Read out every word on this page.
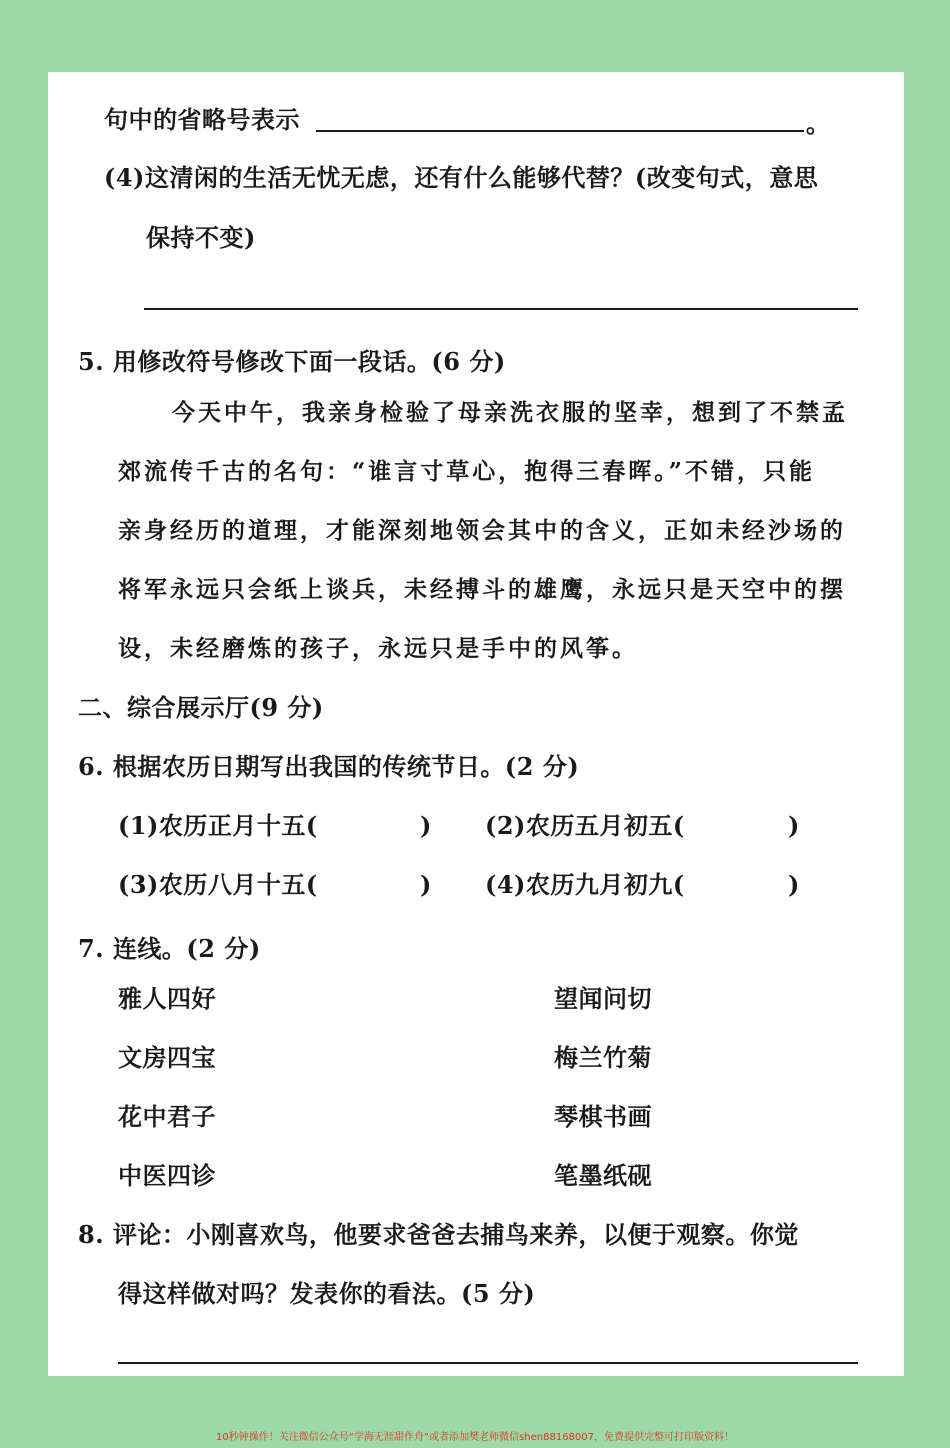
句中的省略号表示	。
(4)这清闲的生活无忧无虑，还有什么能够代替？(改变句式，意思
保持不变)
5. 用修改符号修改下面一段话。(6 分)
今天中午，我亲身检验了母亲洗衣服的坚幸，想到了不禁孟
郊流传千古的名句：“谁言寸草心，抱得三春晖。”不错，只能
亲身经历的道理，才能深刻地领会其中的含义，正如未经沙场的
将军永远只会纸上谈兵，未经搏斗的雄鹰，永远只是天空中的摆
设，未经磨炼的孩子，永远只是手中的风筝。
二、综合展示厅(9 分)
6. 根据农历日期写出我国的传统节日。(2 分)
(1)农历正月十五(	) (2)农历五月初五(	)
(3)农历八月十五(	) (4)农历九月初九(	)
7. 连线。(2 分)
雅人四好	望闻问切
文房四宝	梅兰竹菊
花中君子	琴棋书画
中医四诊	笔墨纸砚
8. 评论：小刚喜欢鸟，他要求爸爸去捕鸟来养，以便于观察。你觉
得这样做对吗？发表你的看法。(5 分)
10秒钟操作！关注微信公众号“学海无涯甜作舟”或者添加樊老师微信shen88168007，免费提供完整可打印版资料！
